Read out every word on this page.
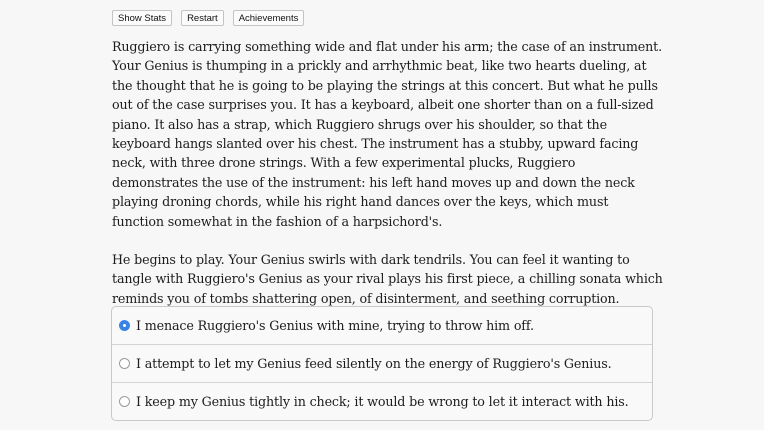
Show Stats	Restart	Achievements

Ruggiero is carrying something wide and flat under his arm; the case of an instrument. Your Genius is thumping in a prickly and arrhythmic beat, like two hearts dueling, at the thought that he is going to be playing the strings at this concert. But what he pulls out of the case surprises you. It has a keyboard, albeit one shorter than on a full-sized piano. It also has a strap, which Ruggiero shrugs over his shoulder, so that the keyboard hangs slanted over his chest. The instrument has a stubby, upward facing neck, with three drone strings. With a few experimental plucks, Ruggiero demonstrates the use of the instrument: his left hand moves up and down the neck playing droning chords, while his right hand dances over the keys, which must function somewhat in the fashion of a harpsichord's.

He begins to play. Your Genius swirls with dark tendrils. You can feel it wanting to tangle with Ruggiero's Genius as your rival plays his first piece, a chilling sonata which reminds you of tombs shattering open, of disinterment, and seething corruption.

I menace Ruggiero's Genius with mine, trying to throw him off.
I attempt to let my Genius feed silently on the energy of Ruggiero's Genius.
I keep my Genius tightly in check; it would be wrong to let it interact with his.
